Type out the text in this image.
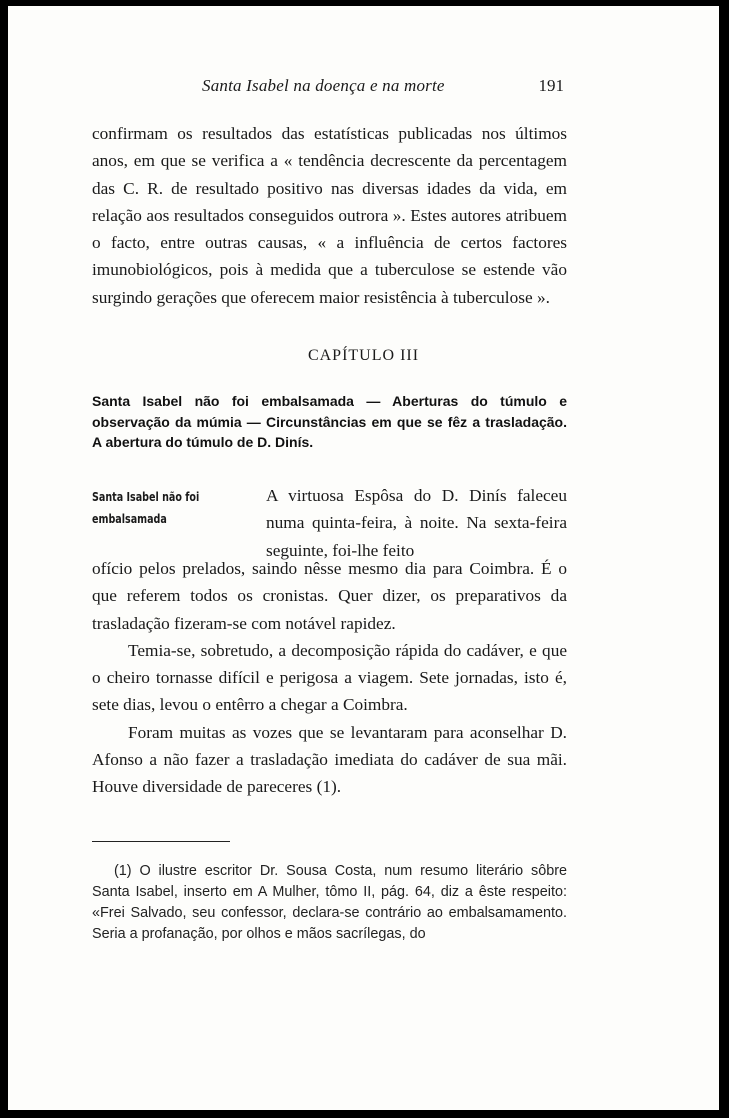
Santa Isabel na doença e na morte	191

confirmam os resultados das estatísticas publicadas nos últimos anos, em que se verifica a « tendência decrescente da percentagem das C. R. de resultado positivo nas diversas idades da vida, em relação aos resultados conseguidos outrora ». Estes autores atribuem o facto, entre outras causas, « a influência de certos factores imunobiológicos, pois à medida que a tuberculose se estende vão surgindo gerações que oferecem maior resistência à tuberculose ».

CAPÍTULO III
Santa Isabel não foi embalsamada — Aberturas do túmulo e observação da múmia — Circunstâncias em que se fêz a trasladação. A abertura do túmulo de D. Dinís.
Santa Isabel não foi
embalsamada
A virtuosa Espôsa do D. Dinís faleceu numa quinta-feira, à noite. Na sexta-feira seguinte, foi-lhe feito

ofício pelos prelados, saindo nêsse mesmo dia para Coimbra. É o que referem todos os cronistas. Quer dizer, os preparativos da trasladação fizeram-se com notável rapidez.

Temia-se, sobretudo, a decomposição rápida do cadáver, e que o cheiro tornasse difícil e perigosa a viagem. Sete jornadas, isto é, sete dias, levou o entêrro a chegar a Coimbra.

Foram muitas as vozes que se levantaram para aconselhar D. Afonso a não fazer a trasladação imediata do cadáver de sua mãi. Houve diversidade de pareceres (1).

(1) O ilustre escritor Dr. Sousa Costa, num resumo literário sôbre Santa Isabel, inserto em A Mulher, tômo II, pág. 64, diz a êste respeito: «Frei Salvado, seu confessor, declara-se contrário ao embalsamamento. Seria a profanação, por olhos e mãos sacrílegas, do
